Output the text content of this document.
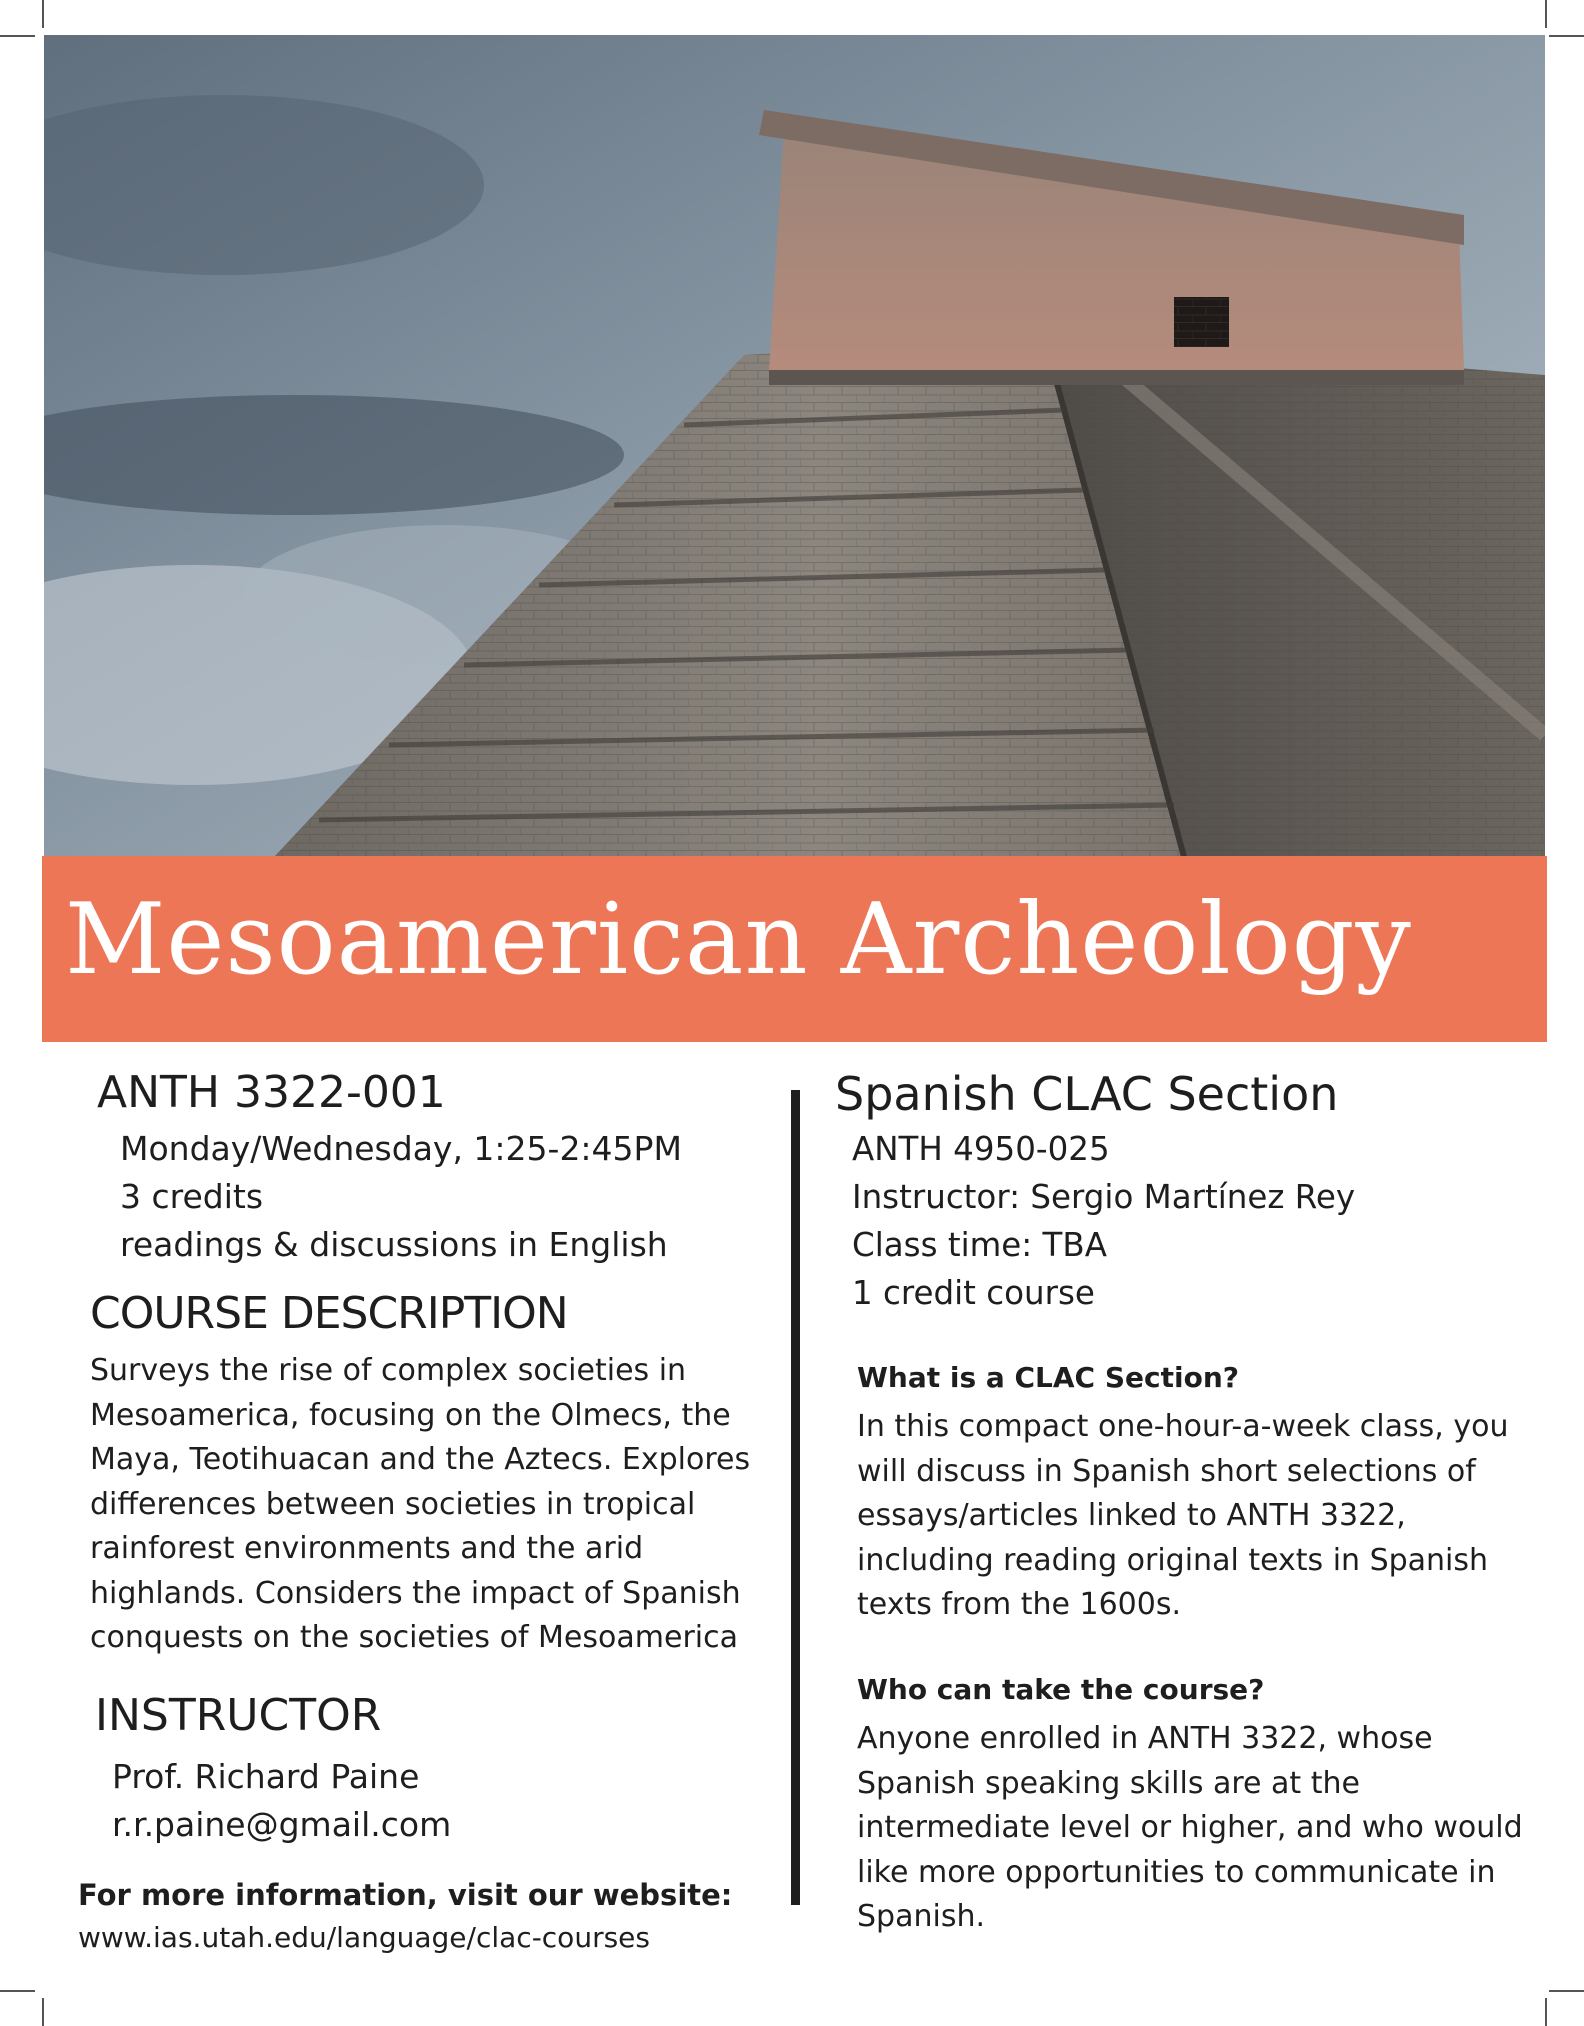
Mesoamerican Archeology
ANTH 3322-001
Monday/Wednesday, 1:25-2:45PM
3 credits
readings & discussions in English
COURSE DESCRIPTION

Surveys the rise of complex societies in Mesoamerica, focusing on the Olmecs, the Maya, Teotihuacan and the Aztecs. Explores differences between societies in tropical rainforest environments and the arid highlands. Considers the impact of Spanish conquests on the societies of Mesoamerica

INSTRUCTOR
Prof. Richard Paine
r.r.paine@gmail.com
For more information, visit our website:
www.ias.utah.edu/language/clac-courses
Spanish CLAC Section
ANTH 4950-025
Instructor: Sergio Martínez Rey
Class time: TBA
1 credit course
What is a CLAC Section?

In this compact one-hour-a-week class, you will discuss in Spanish short selections of essays/articles linked to ANTH 3322, including reading original texts in Spanish texts from the 1600s.

Who can take the course?

Anyone enrolled in ANTH 3322, whose Spanish speaking skills are at the intermediate level or higher, and who would like more opportunities to communicate in Spanish.
